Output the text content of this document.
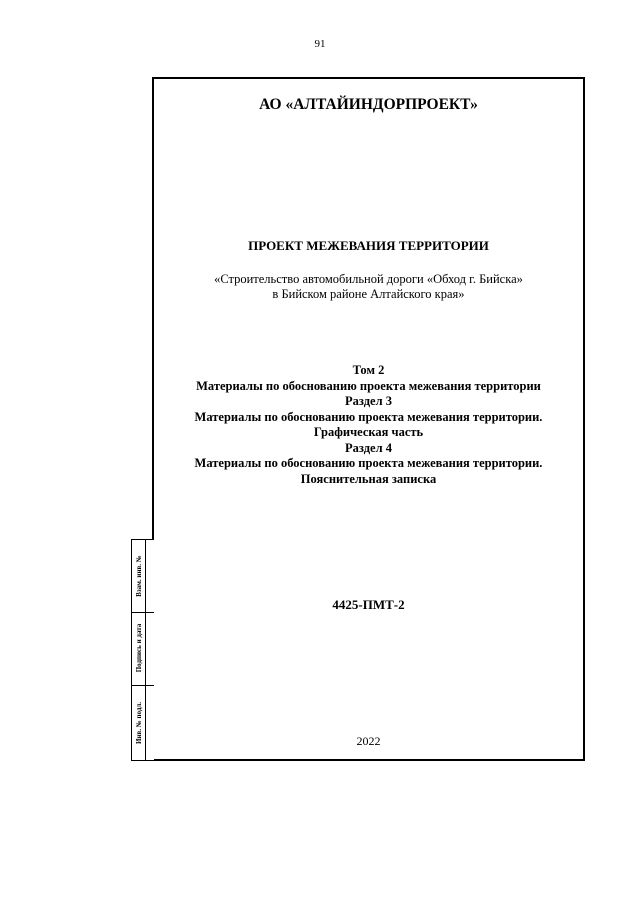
91
АО «АЛТАЙИНДОРПРОЕКТ»
ПРОЕКТ МЕЖЕВАНИЯ ТЕРРИТОРИИ
«Строительство автомобильной дороги «Обход г. Бийска»
в Бийском районе Алтайского края»
Том 2
Материалы по обоснованию проекта межевания территории
Раздел 3
Материалы по обоснованию проекта межевания территории.
Графическая часть
Раздел 4
Материалы по обоснованию проекта межевания территории.
Пояснительная записка
4425-ПМТ-2
2022
Взам. инв. №
Подпись и дата
Инв. № подл.
